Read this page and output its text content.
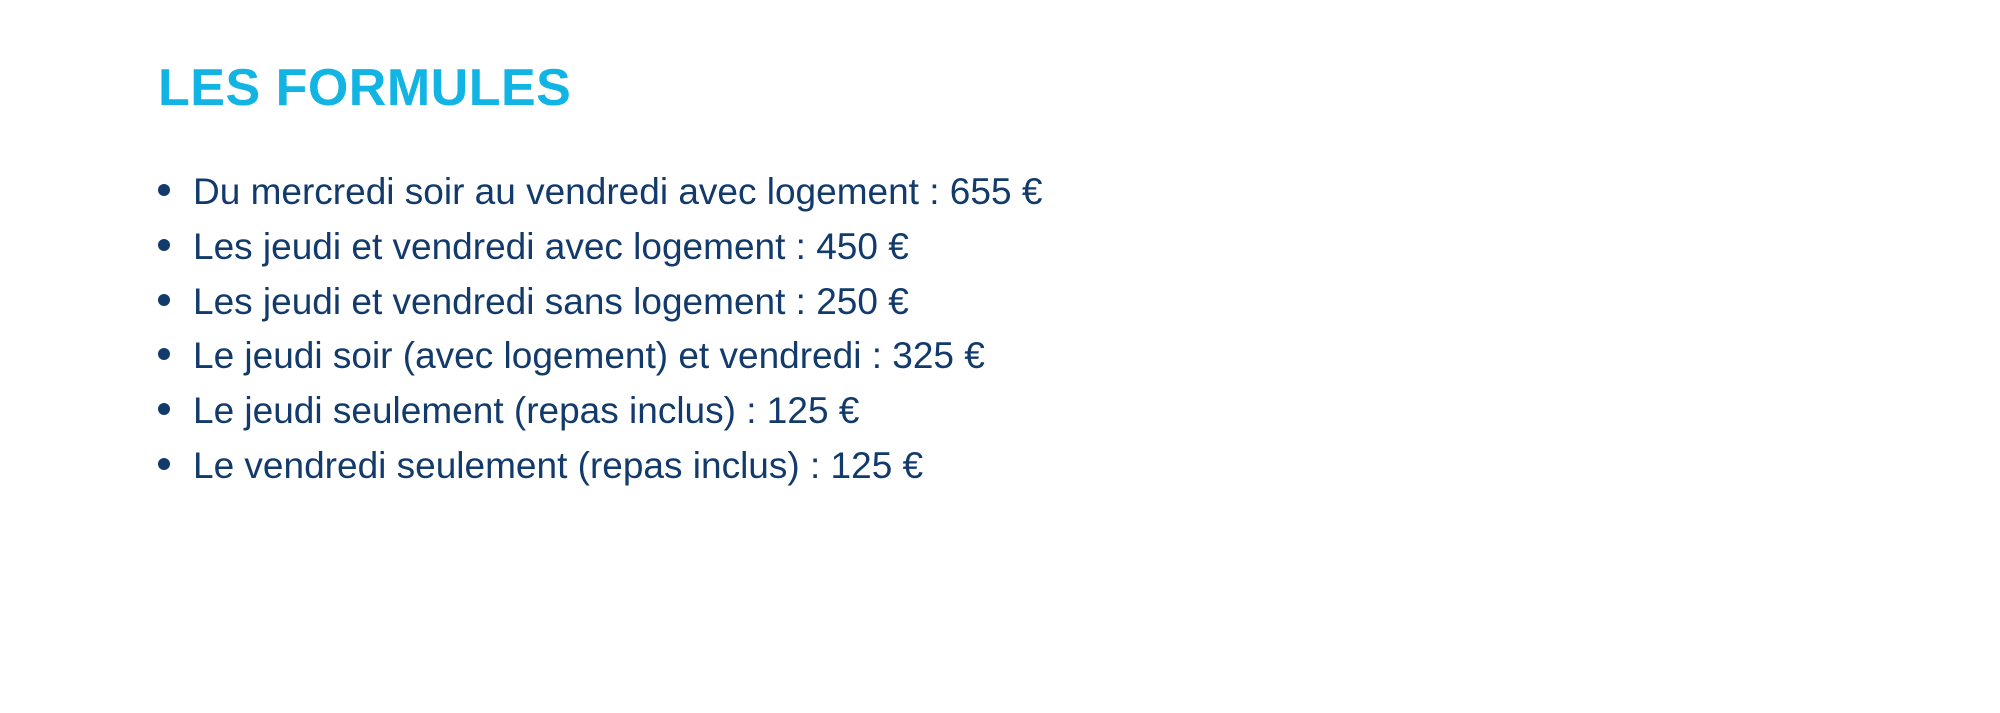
LES FORMULES
Du mercredi soir au vendredi avec logement : 655 €
Les jeudi et vendredi avec logement : 450 €
Les jeudi et vendredi sans logement : 250 €
Le jeudi soir (avec logement) et vendredi : 325 €
Le jeudi seulement (repas inclus) : 125 €
Le vendredi seulement (repas inclus) : 125 €
